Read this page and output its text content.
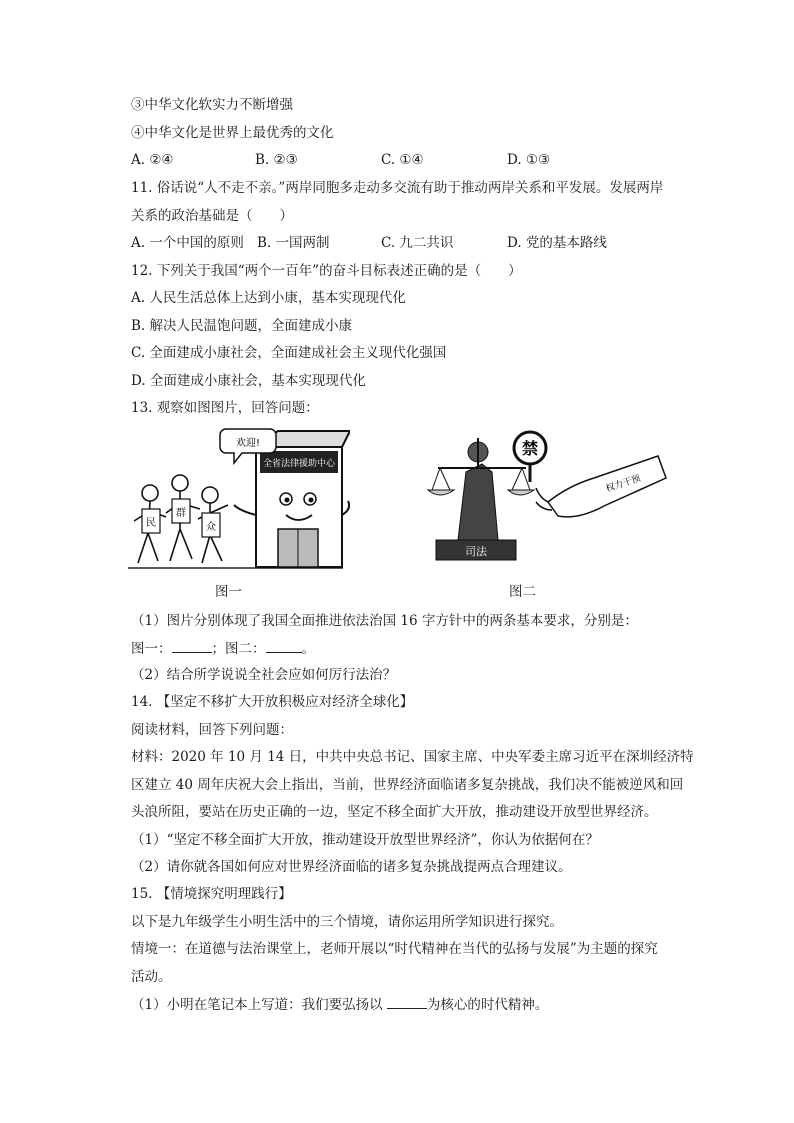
③中华文化软实力不断增强
④中华文化是世界上最优秀的文化
A. ②④	B. ②③	C. ①④	D. ①③
11. 俗话说“人不走不亲。”两岸同胞多走动多交流有助于推动两岸关系和平发展。发展两岸
关系的政治基础是（　　）
A. 一个中国的原则 B. 一国两制	C. 九二共识	D. 党的基本路线
12. 下列关于我国“两个一百年”的奋斗目标表述正确的是（　　）
A. 人民生活总体上达到小康，基本实现现代化
B. 解决人民温饱问题，全面建成小康
C. 全面建成小康社会，全面建成社会主义现代化强国
D. 全面建成小康社会，基本实现现代化
13. 观察如图图片，回答问题：
全省法律援助中心
欢迎!
民
群
众
司法
禁
权力干预
图一	图二
（1）图片分别体现了我国全面推进依法治国 16 字方针中的两条基本要求，分别是：
图一：	；图二：	。
（2）结合所学说说全社会应如何厉行法治？
14. 【坚定不移扩大开放积极应对经济全球化】
阅读材料，回答下列问题：
材料：2020 年 10 月 14 日，中共中央总书记、国家主席、中央军委主席习近平在深圳经济特
区建立 40 周年庆祝大会上指出，当前，世界经济面临诸多复杂挑战，我们决不能被逆风和回
头浪所阻，要站在历史正确的一边，坚定不移全面扩大开放，推动建设开放型世界经济。
（1）“坚定不移全面扩大开放，推动建设开放型世界经济”，你认为依据何在？
（2）请你就各国如何应对世界经济面临的诸多复杂挑战提两点合理建议。
15. 【情境探究明理践行】
以下是九年级学生小明生活中的三个情境，请你运用所学知识进行探究。
情境一：在道德与法治课堂上，老师开展以“时代精神在当代的弘扬与发展”为主题的探究
活动。
（1）小明在笔记本上写道：我们要弘扬以	为核心的时代精神。
